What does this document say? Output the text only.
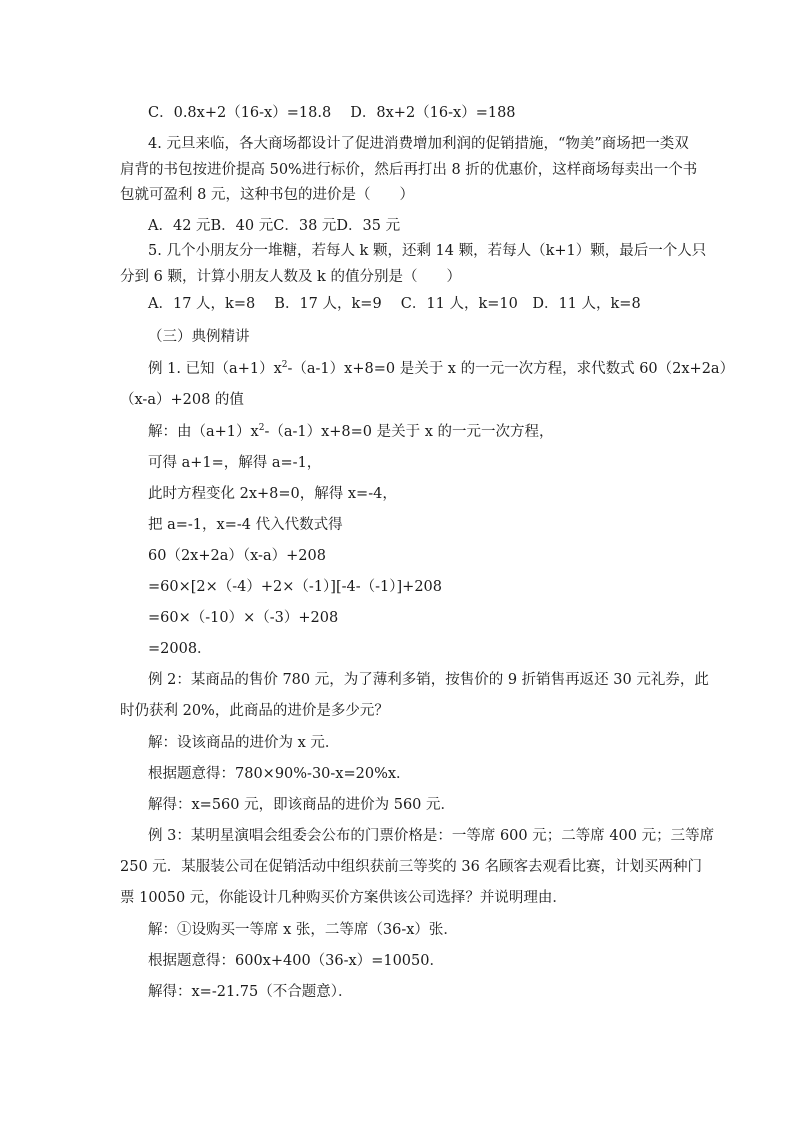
C．0.8x+2（16-x）=18.8　 D．8x+2（16-x）=188
4. 元旦来临，各大商场都设计了促进消费增加利润的促销措施，“物美”商场把一类双
肩背的书包按进价提高 50%进行标价，然后再打出 8 折的优惠价，这样商场每卖出一个书
包就可盈利 8 元，这种书包的进价是（　　）
A．42 元B．40 元C．38 元D．35 元
5. 几个小朋友分一堆糖，若每人 k 颗，还剩 14 颗，若每人（k+1）颗，最后一个人只
分到 6 颗，计算小朋友人数及 k 的值分别是（　　）
A．17 人，k=8　 B．17 人，k=9　 C．11 人，k=10　D．11 人，k=8
（三）典例精讲
例 1. 已知$(a+1)x^2-(a-1)x+8=0$ 是关于 x 的一元一次方程，求代数式 60（2x+2a）
（x-a）+208 的值
解：由$(a+1)x^2-(a-1)x+8=0$ 是关于 x 的一元一次方程，
可得 a+1=，解得 a=-1，
此时方程变化 2x+8=0，解得 x=-4，
把 a=-1，x=-4 代入代数式得
60（2x+2a）（x-a）+208
=60×[2×（-4）+2×（-1）][-4-（-1）]+208
=60×（-10）×（-3）+208
=2008．
例 2：某商品的售价 780 元，为了薄利多销，按售价的 9 折销售再返还 30 元礼券，此
时仍获利 20%，此商品的进价是多少元？
解：设该商品的进价为 x 元．
根据题意得：780×90%-30-x=20%x．
解得：x=560 元，即该商品的进价为 560 元．
例 3：某明星演唱会组委会公布的门票价格是：一等席 600 元；二等席 400 元；三等席
250 元．某服装公司在促销活动中组织获前三等奖的 36 名顾客去观看比赛，计划买两种门
票 10050 元，你能设计几种购买价方案供该公司选择？并说明理由．
解：①设购买一等席 x 张，二等席（36-x）张．
根据题意得：600x+400（36-x）=10050．
解得：x=-21.75（不合题意）．
